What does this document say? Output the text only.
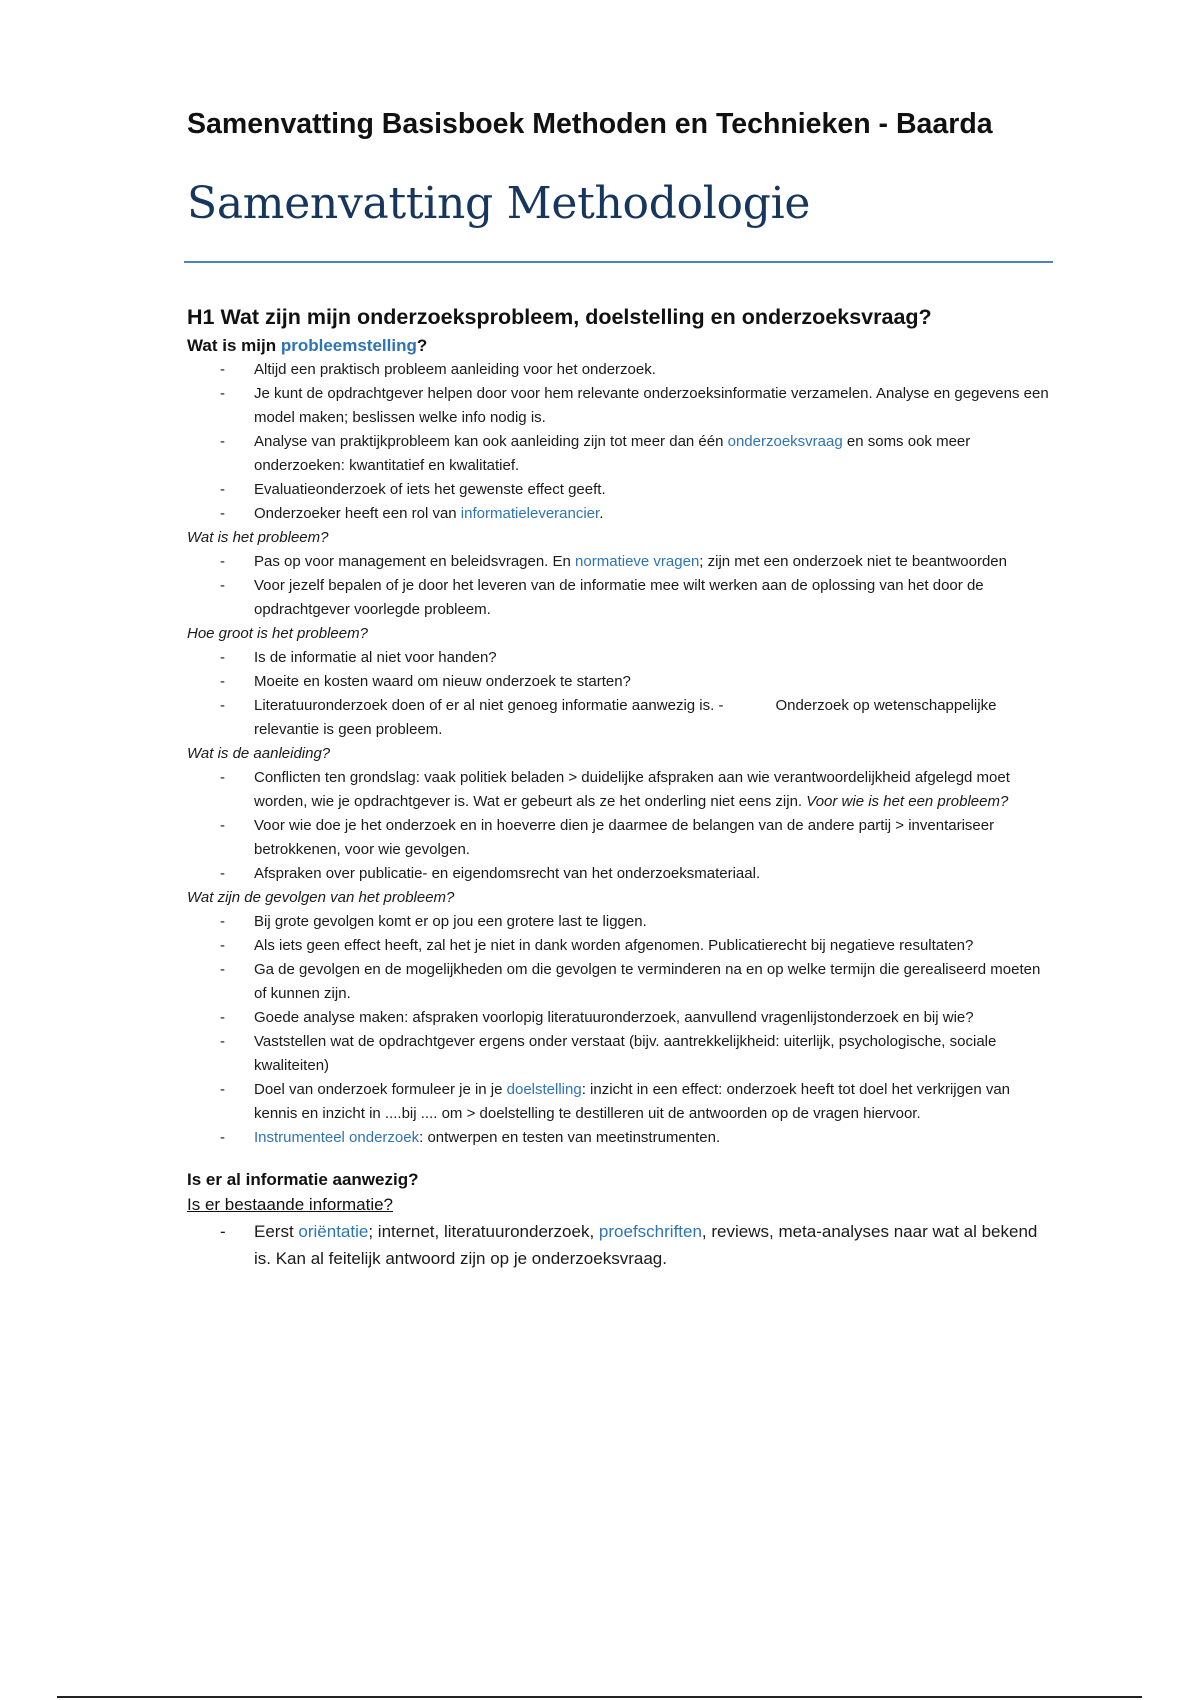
Samenvatting Basisboek Methoden en Technieken - Baarda
Samenvatting Methodologie
H1 Wat zijn mijn onderzoeksprobleem, doelstelling en onderzoeksvraag?
Wat is mijn probleemstelling?
- Altijd een praktisch probleem aanleiding voor het onderzoek.
- Je kunt de opdrachtgever helpen door voor hem relevante onderzoeksinformatie verzamelen. Analyse en gegevens een model maken; beslissen welke info nodig is.
- Analyse van praktijkprobleem kan ook aanleiding zijn tot meer dan één onderzoeksvraag en soms ook meer onderzoeken: kwantitatief en kwalitatief.
- Evaluatieonderzoek of iets het gewenste effect geeft.
- Onderzoeker heeft een rol van informatieleverancier.
Wat is het probleem?
- Pas op voor management en beleidsvragen. En normatieve vragen; zijn met een onderzoek niet te beantwoorden
- Voor jezelf bepalen of je door het leveren van de informatie mee wilt werken aan de oplossing van het door de opdrachtgever voorlegde probleem.
Hoe groot is het probleem?
- Is de informatie al niet voor handen?
- Moeite en kosten waard om nieuw onderzoek te starten?
- Literatuuronderzoek doen of er al niet genoeg informatie aanwezig is. -	Onderzoek op wetenschappelijke relevantie is geen probleem.
Wat is de aanleiding?
- Conflicten ten grondslag: vaak politiek beladen > duidelijke afspraken aan wie verantwoordelijkheid afgelegd moet worden, wie je opdrachtgever is. Wat er gebeurt als ze het onderling niet eens zijn. Voor wie is het een probleem?
- Voor wie doe je het onderzoek en in hoeverre dien je daarmee de belangen van de andere partij > inventariseer betrokkenen, voor wie gevolgen.
- Afspraken over publicatie- en eigendomsrecht van het onderzoeksmateriaal.
Wat zijn de gevolgen van het probleem?
- Bij grote gevolgen komt er op jou een grotere last te liggen.
- Als iets geen effect heeft, zal het je niet in dank worden afgenomen. Publicatierecht bij negatieve resultaten?
- Ga de gevolgen en de mogelijkheden om die gevolgen te verminderen na en op welke termijn die gerealiseerd moeten of kunnen zijn.
- Goede analyse maken: afspraken voorlopig literatuuronderzoek, aanvullend vragenlijstonderzoek en bij wie?
- Vaststellen wat de opdrachtgever ergens onder verstaat (bijv. aantrekkelijkheid: uiterlijk, psychologische, sociale kwaliteiten)
- Doel van onderzoek formuleer je in je doelstelling: inzicht in een effect: onderzoek heeft tot doel het verkrijgen van kennis en inzicht in ....bij .... om > doelstelling te destilleren uit de antwoorden op de vragen hiervoor.
- Instrumenteel onderzoek: ontwerpen en testen van meetinstrumenten.
Is er al informatie aanwezig?
Is er bestaande informatie?
- Eerst oriëntatie; internet, literatuuronderzoek, proefschriften, reviews, meta-analyses naar wat al bekend is. Kan al feitelijk antwoord zijn op je onderzoeksvraag.
